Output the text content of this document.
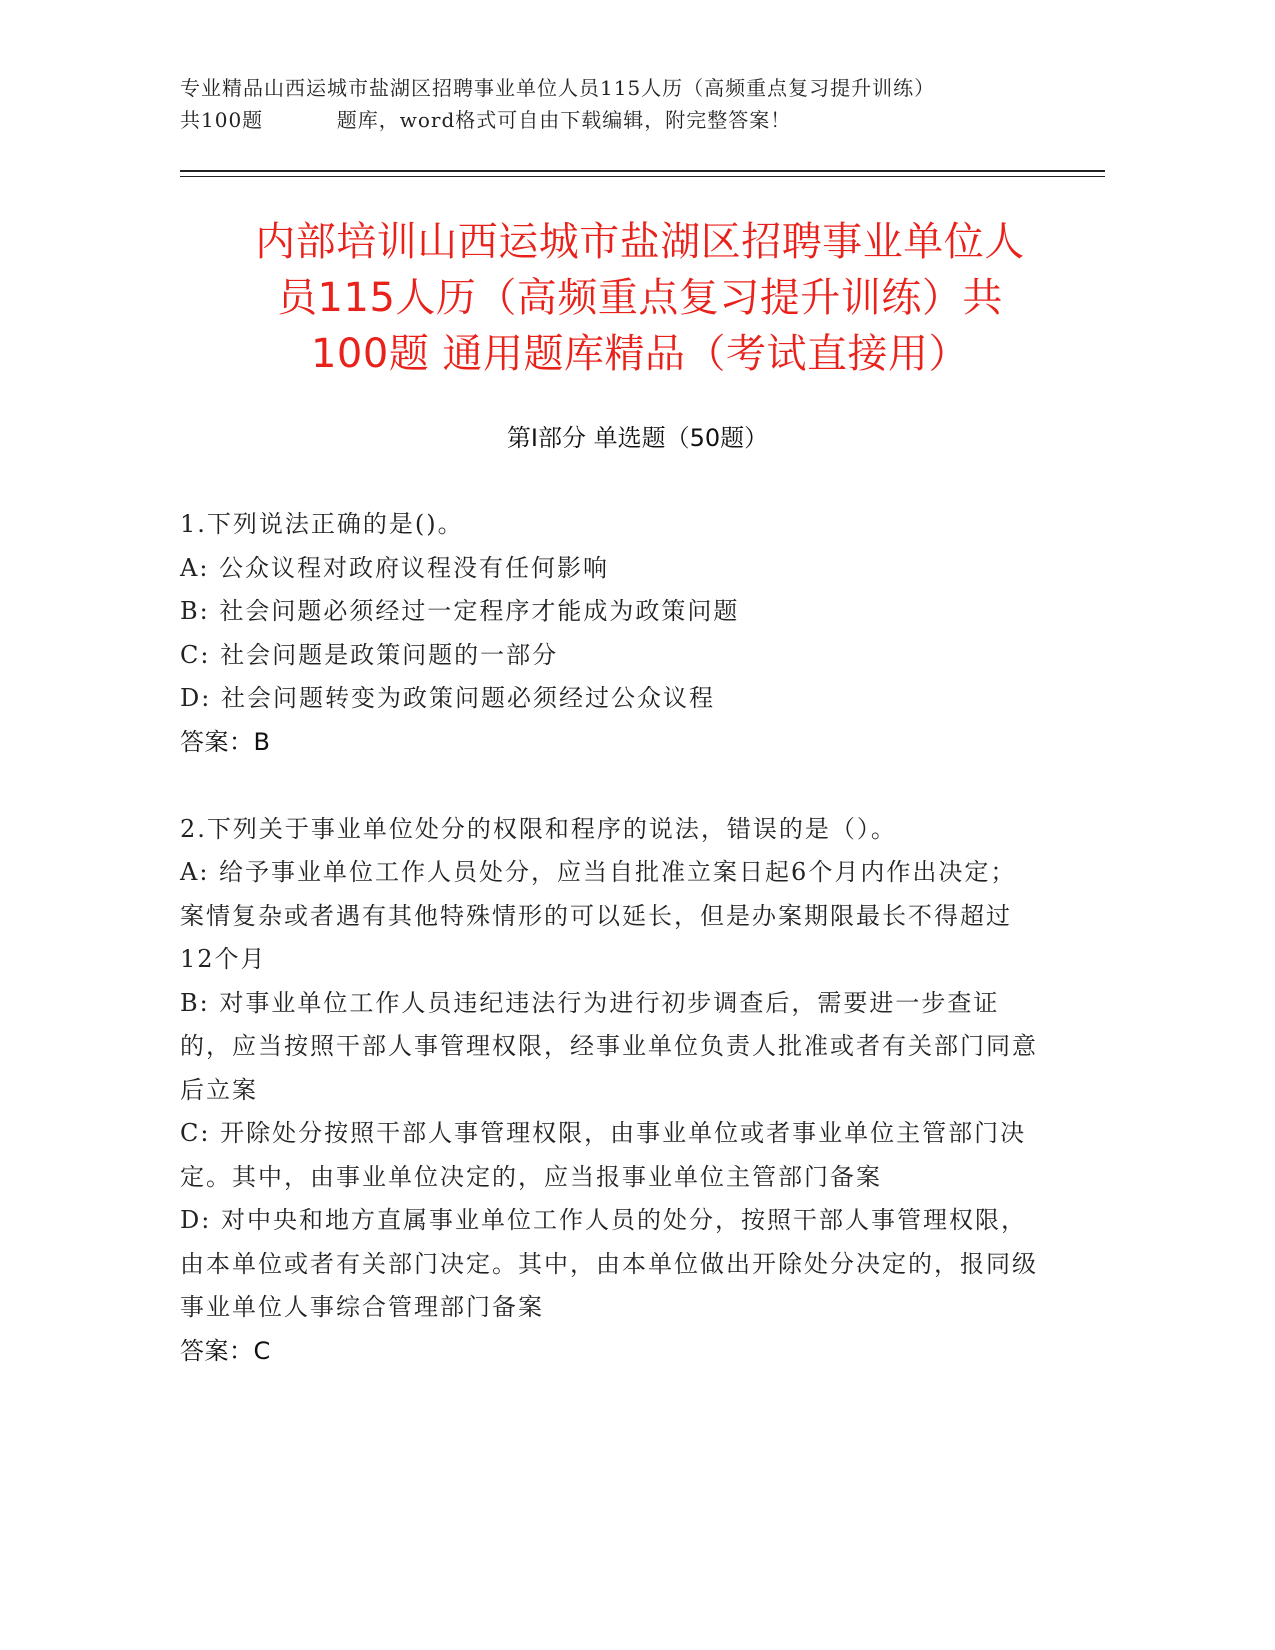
专业精品山西运城市盐湖区招聘事业单位人员115人历（高频重点复习提升训练）
共100题          题库，word格式可自由下载编辑，附完整答案！
内部培训山西运城市盐湖区招聘事业单位人
员115人历（高频重点复习提升训练）共
100题 通用题库精品（考试直接用）
第Ⅰ部分 单选题（50题）
1.下列说法正确的是()。
A: 公众议程对政府议程没有任何影响
B: 社会问题必须经过一定程序才能成为政策问题
C: 社会问题是政策问题的一部分
D: 社会问题转变为政策问题必须经过公众议程
答案：B
2.下列关于事业单位处分的权限和程序的说法，错误的是（）。
A: 给予事业单位工作人员处分，应当自批准立案日起6个月内作出决定；案情复杂或者遇有其他特殊情形的可以延长，但是办案期限最长不得超过12个月
B: 对事业单位工作人员违纪违法行为进行初步调查后，需要进一步查证的，应当按照干部人事管理权限，经事业单位负责人批准或者有关部门同意后立案
C: 开除处分按照干部人事管理权限，由事业单位或者事业单位主管部门决定。其中，由事业单位决定的，应当报事业单位主管部门备案
D: 对中央和地方直属事业单位工作人员的处分，按照干部人事管理权限，由本单位或者有关部门决定。其中，由本单位做出开除处分决定的，报同级事业单位人事综合管理部门备案
答案：C
